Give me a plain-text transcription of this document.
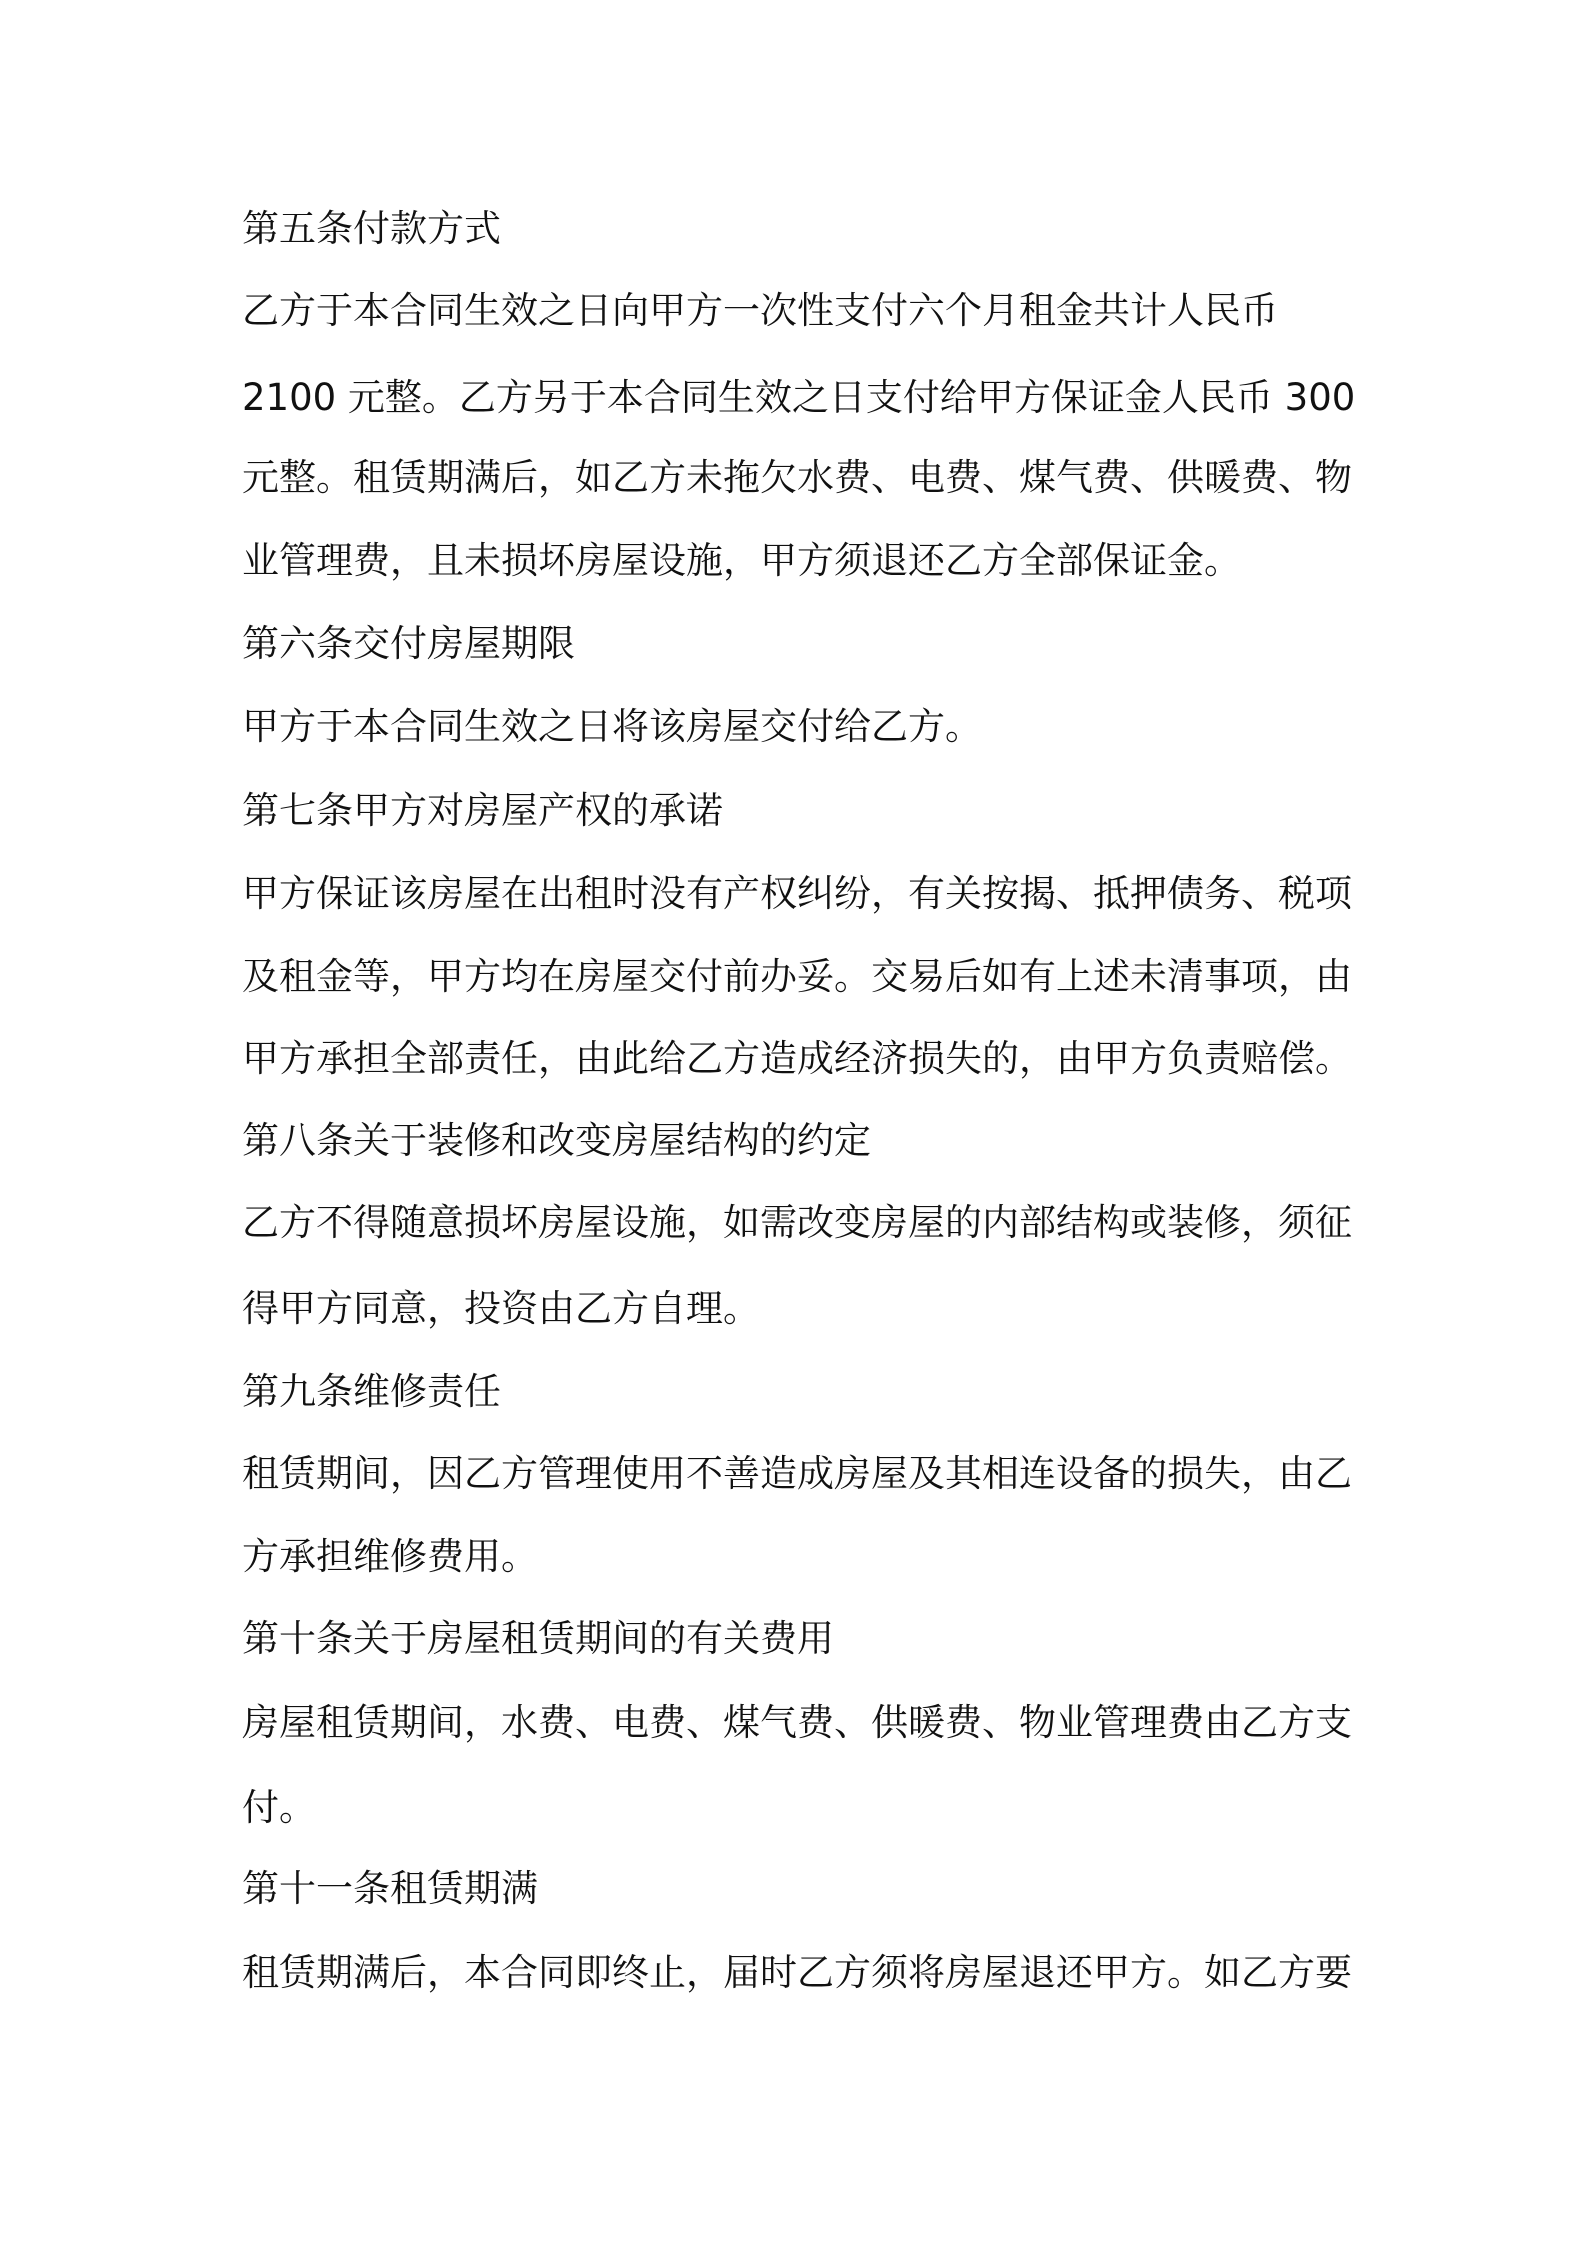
第五条付款方式
乙方于本合同生效之日向甲方一次性支付六个月租金共计人民币
2100 元整。乙方另于本合同生效之日支付给甲方保证金人民币 300
元整。租赁期满后，如乙方未拖欠水费、电费、煤气费、供暖费、物
业管理费，且未损坏房屋设施，甲方须退还乙方全部保证金。
第六条交付房屋期限
甲方于本合同生效之日将该房屋交付给乙方。
第七条甲方对房屋产权的承诺
甲方保证该房屋在出租时没有产权纠纷，有关按揭、抵押债务、税项
及租金等，甲方均在房屋交付前办妥。交易后如有上述未清事项，由
甲方承担全部责任，由此给乙方造成经济损失的，由甲方负责赔偿。
第八条关于装修和改变房屋结构的约定
乙方不得随意损坏房屋设施，如需改变房屋的内部结构或装修，须征
得甲方同意，投资由乙方自理。
第九条维修责任
租赁期间，因乙方管理使用不善造成房屋及其相连设备的损失，由乙
方承担维修费用。
第十条关于房屋租赁期间的有关费用
房屋租赁期间，水费、电费、煤气费、供暖费、物业管理费由乙方支
付。
第十一条租赁期满
租赁期满后，本合同即终止，届时乙方须将房屋退还甲方。如乙方要
